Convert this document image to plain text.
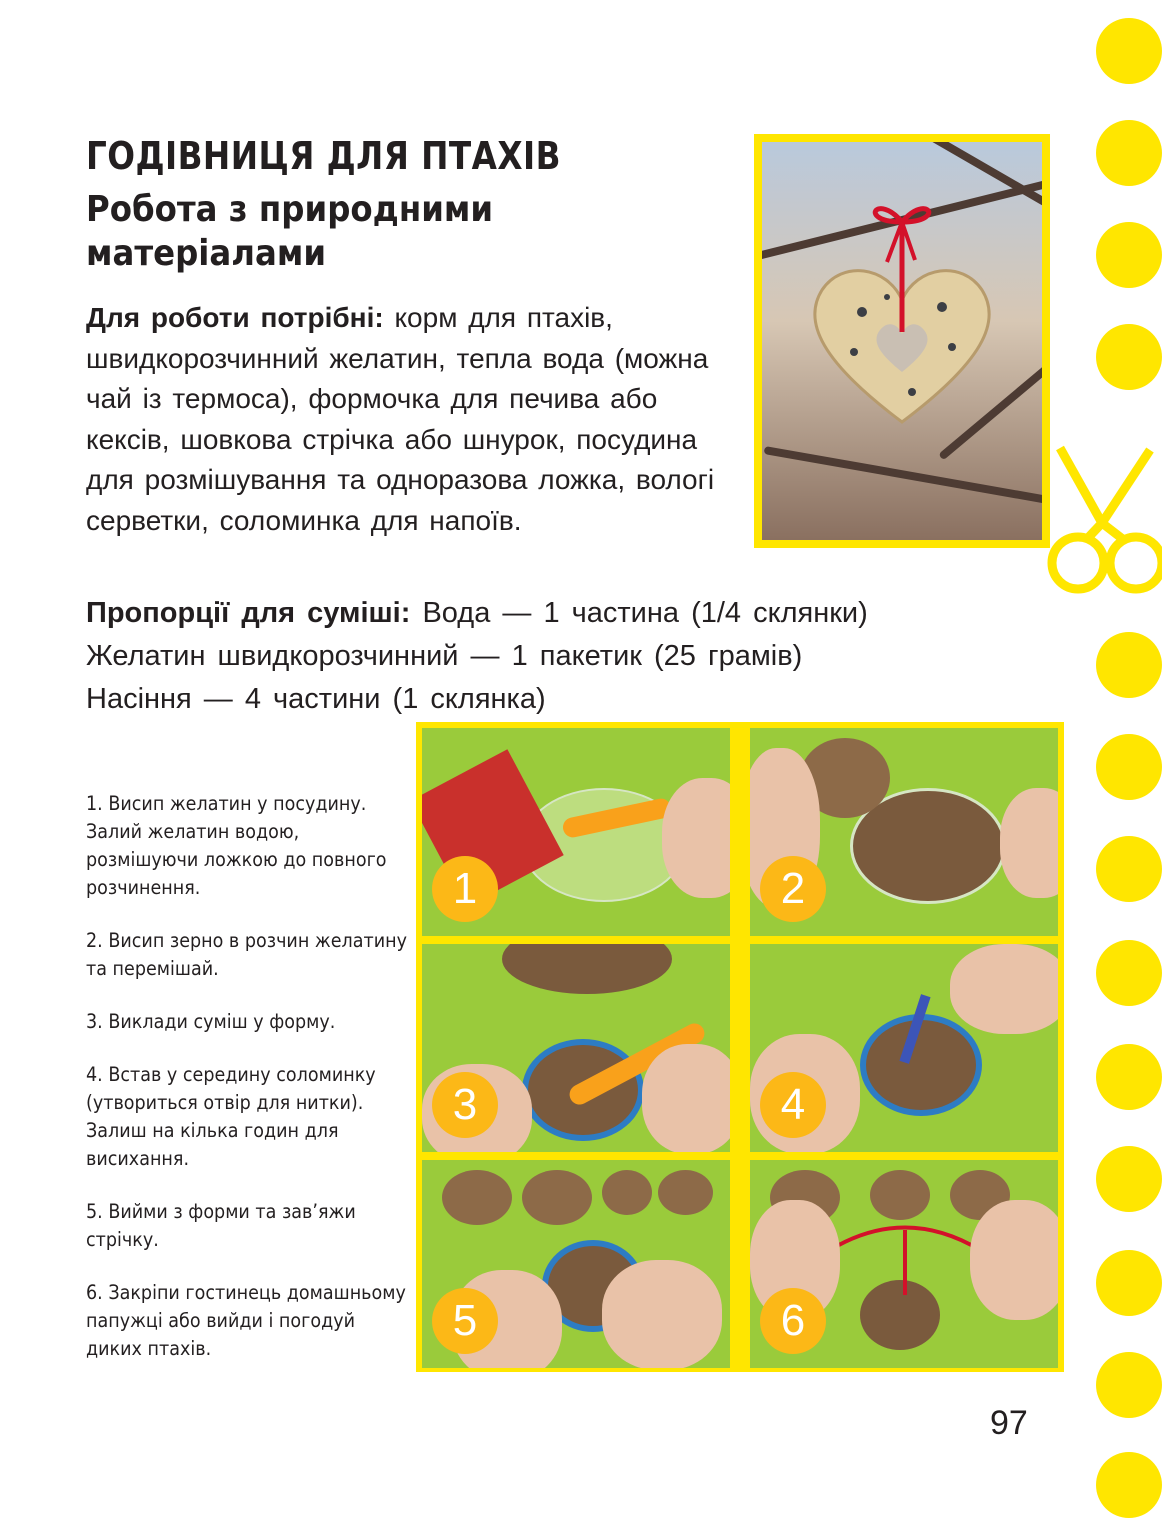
ГОДІВНИЦЯ ДЛЯ ПТАХІВ
Робота з природними матеріалами

Для роботи потрібні: корм для птахів, швидкорозчинний желатин, тепла вода (можна чай із термоса), формочка для печива або кексів, шовкова стрічка або шнурок, посудина для розмішування та одноразова ложка, вологі серветки, соломинка для напоїв.

Пропорції для суміші: Вода — 1 частина (1/4 склянки)
Желатин швидкорозчинний — 1 пакетик (25 грамів)
Насіння — 4 частини (1 склянка)

1. Висип желатин у посудину. Залий желатин водою, розмішуючи ложкою до повного розчинення.

2. Висип зерно в розчин желатину та перемішай.

3. Виклади суміш у форму.

4. Встав у середину соломинку (утвориться отвір для нитки). Залиш на кілька годин для висихання.

5. Вийми з форми та зав’яжи стрічку.

6. Закріпи гостинець домашньому папужці або вийди і погодуй диких птахів.

1	2
3	4
5	6

97
